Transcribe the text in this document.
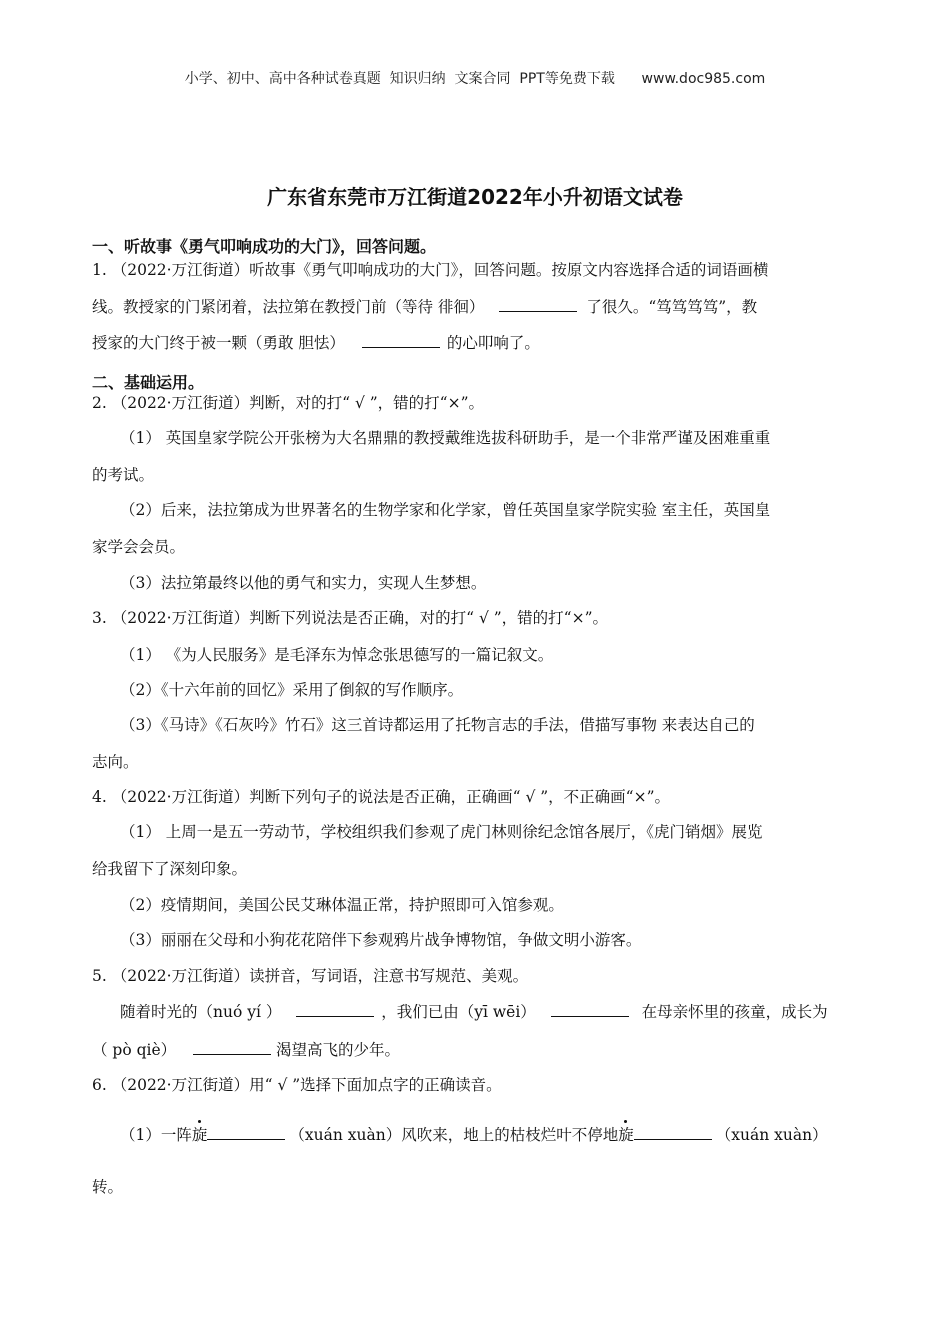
小学、初中、高中各种试卷真题  知识归纳  文案合同  PPT等免费下载      www.doc985.com
广东省东莞市万江街道2022年小升初语文试卷
一、听故事《勇气叩响成功的大门》，回答问题。
1. （2022·万江街道）听故事《勇气叩响成功的大门》，回答问题。按原文内容选择合适的词语画横
线。教授家的门紧闭着，法拉第在教授门前（等待 徘徊）	了很久。“笃笃笃笃”，教
授家的大门终于被一颗（勇敢 胆怯）	的心叩响了。
二、基础运用。
2. （2022·万江街道）判断，对的打“ √ ”，错的打“×”。
（1） 英国皇家学院公开张榜为大名鼎鼎的教授戴维选拔科研助手，是一个非常严谨及困难重重
的考试。
（2）后来，法拉第成为世界著名的生物学家和化学家，曾任英国皇家学院实验 室主任，英国皇
家学会会员。
（3）法拉第最终以他的勇气和实力，实现人生梦想。
3. （2022·万江街道）判断下列说法是否正确，对的打“ √ ”，错的打“×”。
（1） 《为人民服务》是毛泽东为悼念张思德写的一篇记叙文。
（2）《十六年前的回忆》采用了倒叙的写作顺序。
（3）《马诗》《石灰吟》竹石》这三首诗都运用了托物言志的手法，借描写事物 来表达自己的
志向。
4. （2022·万江街道）判断下列句子的说法是否正确，正确画“ √ ”，不正确画“×”。
（1） 上周一是五一劳动节，学校组织我们参观了虎门林则徐纪念馆各展厅，《虎门销烟》展览
给我留下了深刻印象。
（2）疫情期间，美国公民艾琳体温正常，持护照即可入馆参观。
（3）丽丽在父母和小狗花花陪伴下参观鸦片战争博物馆，争做文明小游客。
5. （2022·万江街道）读拼音，写词语，注意书写规范、美观。
随着时光的（nuó yí ）	，我们已由（yī wēi）	在母亲怀里的孩童，成长为
（ pò qiè）	渴望高飞的少年。
6. （2022·万江街道）用“ √ ”选择下面加点字的正确读音。
（1）一阵旋	（xuán xuàn）风吹来，地上的枯枝烂叶不停地旋	（xuán xuàn）
转。
